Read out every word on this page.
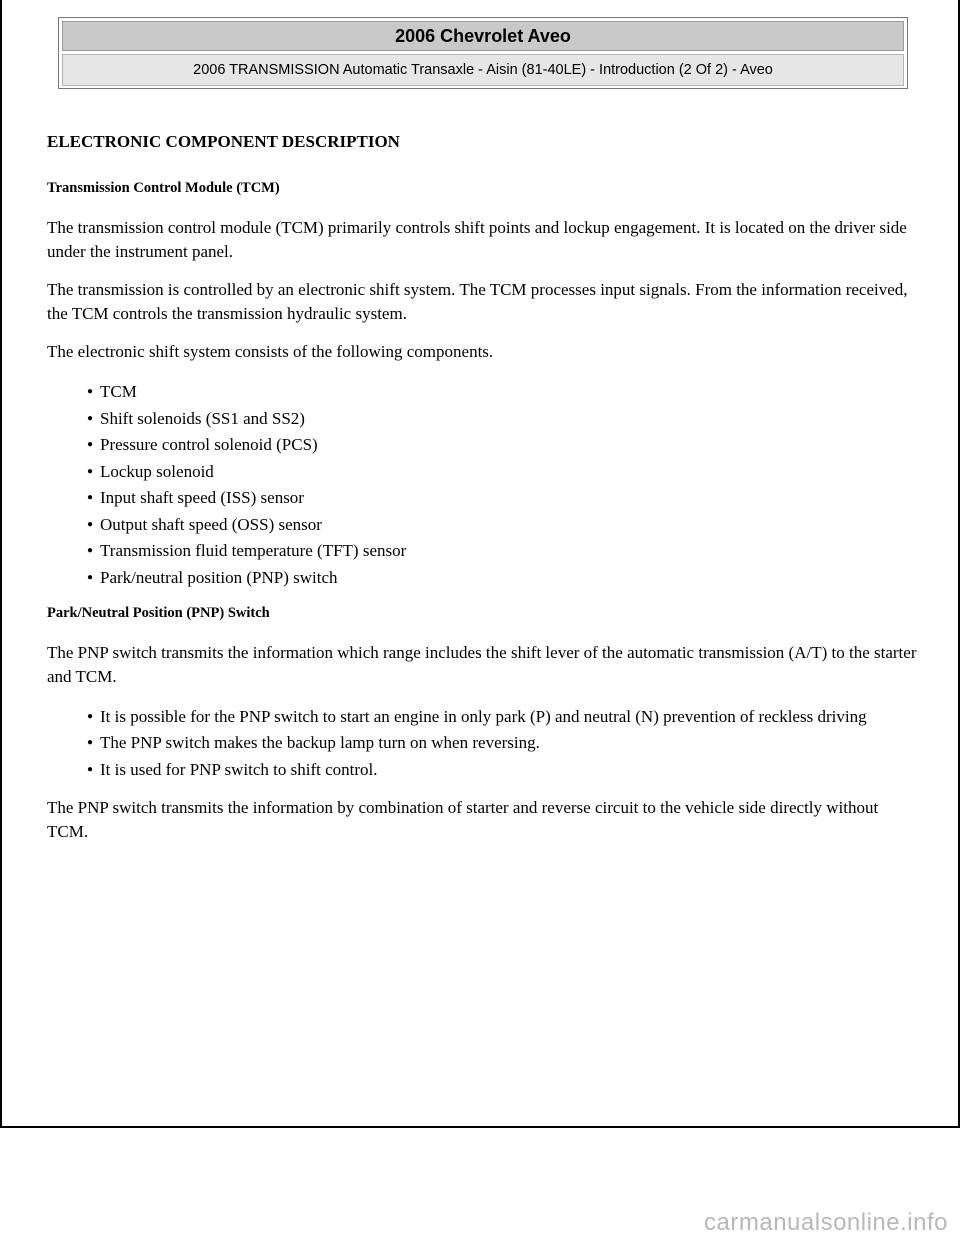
2006 Chevrolet Aveo
2006 TRANSMISSION Automatic Transaxle - Aisin (81-40LE) - Introduction (2 Of 2) - Aveo
ELECTRONIC COMPONENT DESCRIPTION
Transmission Control Module (TCM)

The transmission control module (TCM) primarily controls shift points and lockup engagement. It is located on the driver side under the instrument panel.

The transmission is controlled by an electronic shift system. The TCM processes input signals. From the information received, the TCM controls the transmission hydraulic system.

The electronic shift system consists of the following components.

● TCM
● Shift solenoids (SS1 and SS2)
● Pressure control solenoid (PCS)
● Lockup solenoid
● Input shaft speed (ISS) sensor
● Output shaft speed (OSS) sensor
● Transmission fluid temperature (TFT) sensor
● Park/neutral position (PNP) switch
Park/Neutral Position (PNP) Switch

The PNP switch transmits the information which range includes the shift lever of the automatic transmission (A/T) to the starter and TCM.

● It is possible for the PNP switch to start an engine in only park (P) and neutral (N) prevention of reckless driving
● The PNP switch makes the backup lamp turn on when reversing.
● It is used for PNP switch to shift control.

The PNP switch transmits the information by combination of starter and reverse circuit to the vehicle side directly without TCM.

carmanualsonline.info
